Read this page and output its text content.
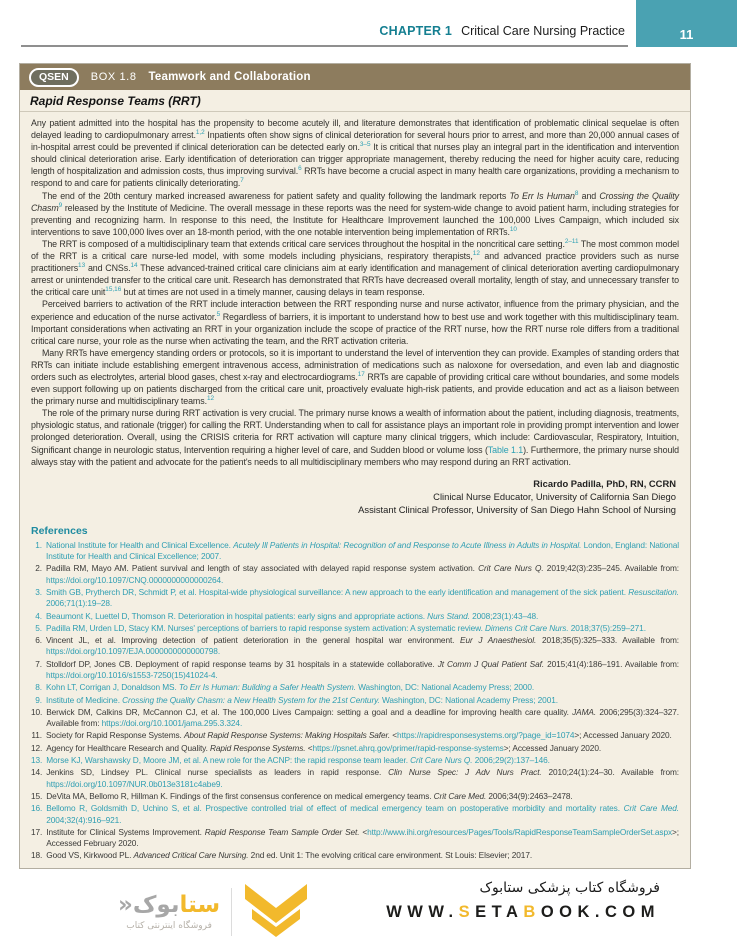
CHAPTER 1 Critical Care Nursing Practice	11
QSEN	BOX 1.8 Teamwork and Collaboration
Rapid Response Teams (RRT)

Any patient admitted into the hospital has the propensity to become acutely ill, and literature demonstrates that identification of problematic clinical sequelae is often delayed leading to cardiopulmonary arrest.$^{1,2}$ Inpatients often show signs of clinical deterioration for several hours prior to arrest, and more than 20,000 annual cases of in-hospital arrest could be prevented if clinical deterioration can be detected early on.$^{3-5}$ It is critical that nurses play an integral part in the identification and intervention should clinical deterioration arise. Early identification of deterioration can trigger appropriate management, thereby reducing the need for higher acuity care, reducing length of hospitalization and admission costs, thus improving survival.$^6$ RRTs have become a crucial aspect in many health care organizations, providing a mechanism to respond to and care for patients clinically deteriorating.$^7$

The end of the 20th century marked increased awareness for patient safety and quality following the landmark reports To Err Is Human$^8$ and Crossing the Quality Chasm$^9$ released by the Institute of Medicine. The overall message in these reports was the need for system-wide change to avoid patient harm, including strategies for preventing and recognizing harm. In response to this need, the Institute for Healthcare Improvement launched the 100,000 Lives Campaign, which included six interventions to save 100,000 lives over an 18-month period, with the one notable intervention being implementation of RRTs.$^{10}$

The RRT is composed of a multidisciplinary team that extends critical care services throughout the hospital in the noncritical care setting.$^{2-11}$ The most common model of the RRT is a critical care nurse-led model, with some models including physicians, respiratory therapists,$^{12}$ and advanced practice providers such as nurse practitioners$^{13}$ and CNSs.$^{14}$ These advanced-trained critical care clinicians aim at early identification and management of clinical deterioration averting cardiopulmonary arrest or unintended transfer to the critical care unit. Research has demonstrated that RRTs have decreased overall mortality, length of stay, and unnecessary transfer to the critical care unit$^{15,16}$ but at times are not used in a timely manner, causing delays in team response.

Perceived barriers to activation of the RRT include interaction between the RRT responding nurse and nurse activator, influence from the primary physician, and the experience and education of the nurse activator.$^5$ Regardless of barriers, it is important to understand how to best use and work together with this multidisciplinary team. Important considerations when activating an RRT in your organization include the scope of practice of the RRT nurse, how the RRT nurse role differs from a traditional critical care nurse, your role as the nurse when activating the team, and the RRT activation criteria.

Many RRTs have emergency standing orders or protocols, so it is important to understand the level of intervention they can provide. Examples of standing orders that RRTs can initiate include establishing emergent intravenous access, administration of medications such as naloxone for oversedation, and even lab and diagnostic orders such as electrolytes, arterial blood gases, chest x-ray and electrocardiograms.$^{17}$ RRTs are capable of providing critical care without boundaries, and some models even support following up on patients discharged from the critical care unit, proactively evaluate high-risk patients, and provide education and act as a liaison between the primary nurse and multidisciplinary teams.$^{12}$

The role of the primary nurse during RRT activation is very crucial. The primary nurse knows a wealth of information about the patient, including diagnosis, treatments, physiologic status, and rationale (trigger) for calling the RRT. Understanding when to call for assistance plays an important role in providing prompt intervention and lower prolonged deterioration. Overall, using the CRISIS criteria for RRT activation will capture many clinical triggers, which include: Cardiovascular, Respiratory, Intuition, Significant change in neurologic status, Intervention requiring a higher level of care, and Sudden blood or volume loss (Table 1.1). Furthermore, the primary nurse should always stay with the patient and advocate for the patient's needs to all multidisciplinary members who may respond during an RRT activation.

Ricardo Padilla, PhD, RN, CCRN
Clinical Nurse Educator, University of California San Diego
Assistant Clinical Professor, University of San Diego Hahn School of Nursing
References
1. National Institute for Health and Clinical Excellence. Acutely Ill Patients in Hospital: Recognition of and Response to Acute Illness in Adults in Hospital. London, England: National Institute for Health and Clinical Excellence; 2007.
2. Padilla RM, Mayo AM. Patient survival and length of stay associated with delayed rapid response system activation. Crit Care Nurs Q. 2019;42(3):235–245. Available from: https://doi.org/10.1097/CNQ.0000000000000264.
3. Smith GB, Prytherch DR, Schmidt P, et al. Hospital-wide physiological surveillance: A new approach to the early identification and management of the sick patient. Resuscitation. 2006;71(1):19–28.
4. Beaumont K, Luettel D, Thomson R. Deterioration in hospital patients: early signs and appropriate actions. Nurs Stand. 2008;23(1):43–48.
5. Padilla RM, Urden LD, Stacy KM. Nurses' perceptions of barriers to rapid response system activation: A systematic review. Dimens Crit Care Nurs. 2018;37(5):259–271.
6. Vincent JL, et al. Improving detection of patient deterioration in the general hospital war environment. Eur J Anaesthesiol. 2018;35(5):325–333. Available from: https://doi.org/10.1097/EJA.0000000000000798.
7. Stolldorf DP, Jones CB. Deployment of rapid response teams by 31 hospitals in a statewide collaborative. Jt Comm J Qual Patient Saf. 2015;41(4):186–191. Available from: https://doi.org/10.1016/s1553-7250(15)41024-4.
8. Kohn LT, Corrigan J, Donaldson MS. To Err Is Human: Building a Safer Health System. Washington, DC: National Academy Press; 2000.
9. Institute of Medicine. Crossing the Quality Chasm: a New Health System for the 21st Century. Washington, DC: National Academy Press; 2001.
10. Berwick DM, Calkins DR, McCannon CJ, et al. The 100,000 Lives Campaign: setting a goal and a deadline for improving health care quality. JAMA. 2006;295(3):324–327. Available from: https://doi.org/10.1001/jama.295.3.324.
11. Society for Rapid Response Systems. About Rapid Response Systems: Making Hospitals Safer. <https://rapidresponsesystems.org/?page_id=1074>; Accessed January 2020.
12. Agency for Healthcare Research and Quality. Rapid Response Systems. <https://psnet.ahrq.gov/primer/rapid-response-systems>; Accessed January 2020.
13. Morse KJ, Warshawsky D, Moore JM, et al. A new role for the ACNP: the rapid response team leader. Crit Care Nurs Q. 2006;29(2):137–146.
14. Jenkins SD, Lindsey PL. Clinical nurse specialists as leaders in rapid response. Clin Nurse Spec: J Adv Nurs Pract. 2010;24(1):24–30. Available from: https://doi.org/10.1097/NUR.0b013e3181c4abe9.
15. DeVita MA, Bellomo R, Hillman K. Findings of the first consensus conference on medical emergency teams. Crit Care Med. 2006;34(9):2463–2478.
16. Bellomo R, Goldsmith D, Uchino S, et al. Prospective controlled trial of effect of medical emergency team on postoperative morbidity and mortality rates. Crit Care Med. 2004;32(4):916–921.
17. Institute for Clinical Systems Improvement. Rapid Response Team Sample Order Set. <http://www.ihi.org/resources/Pages/Tools/RapidResponseTeamSampleOrderSet.aspx>; Accessed February 2020.
18. Good VS, Kirkwood PL. Advanced Critical Care Nursing. 2nd ed. Unit 1: The evolving critical care environment. St Louis: Elsevier; 2017.
ستابوک«
فروشگاه اینترنتی کتاب
فروشگاه کتاب پزشکی ستابوک
WWW.SETABOOK.COM
